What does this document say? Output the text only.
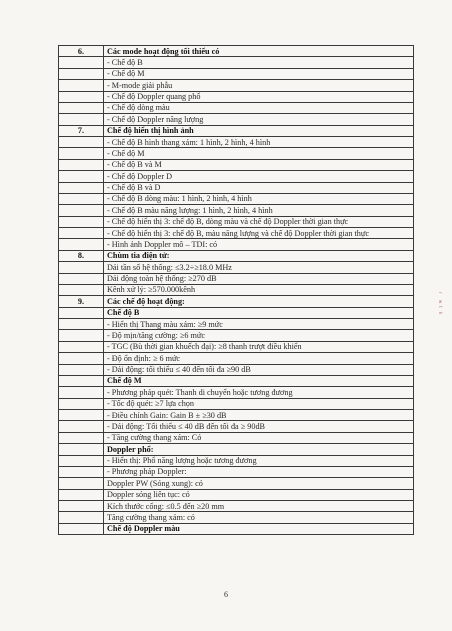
6.	Các mode hoạt động tối thiểu có
	- Chế độ B
	- Chế độ M
	- M-mode giải phẫu
	- Chế độ Doppler quang phổ
	- Chế độ dòng màu
	- Chế độ Doppler năng lượng
7.	Chế độ hiển thị hình ảnh
	- Chế độ B hình thang xám: 1 hình, 2 hình, 4 hình
	- Chế độ M
	- Chế độ B và M
	- Chế độ Doppler D
	- Chế độ B và D
	- Chế độ B dòng màu: 1 hình, 2 hình, 4 hình
	- Chế độ B màu năng lượng: 1 hình, 2 hình, 4 hình
	- Chế độ hiển thị 3: chế độ B, dòng màu và chế độ Doppler thời gian thực
	- Chế độ hiển thị 3: chế độ B, màu năng lượng và chế độ Doppler thời gian thực
	- Hình ảnh Doppler mô – TDI: có
8.	Chùm tia điện tử:
	Dải tần số hệ thống: ≤3.2÷≥18.0 MHz
	Dải động toàn hệ thống: ≥270 dB
	Kênh xử lý: ≥570.000kênh
9.	Các chế độ hoạt động:
	Chế độ B
	- Hiển thị Thang màu xám: ≥9 mức
	- Độ mịn/tăng cường: ≥6 mức
	- TGC (Bù thời gian khuếch đại): ≥8 thanh trượt điều khiển
	- Độ ổn định: ≥ 6 mức
	- Dải động: tối thiểu ≤ 40 đến tối đa ≥90 dB
	Chế độ M
	- Phương pháp quét: Thanh di chuyển hoặc tương đương
	- Tốc độ quét: ≥7 lựa chọn
	- Điều chỉnh Gain: Gain B ± ≥30 dB
	- Dải động: Tối thiểu ≤ 40 dB đến tối đa ≥ 90dB
	- Tăng cường thang xám: Có
	Doppler phổ:
	- Hiển thị: Phổ năng lượng hoặc tương đương
	- Phương pháp Doppler:
	Doppler PW (Sóng xung): có
	Doppler sóng liên tục: có
	Kích thước cổng: ≤0.5 đến ≥20 mm
	Tăng cường thang xám: có
	Chế độ Doppler màu
r
w
t
k
6
